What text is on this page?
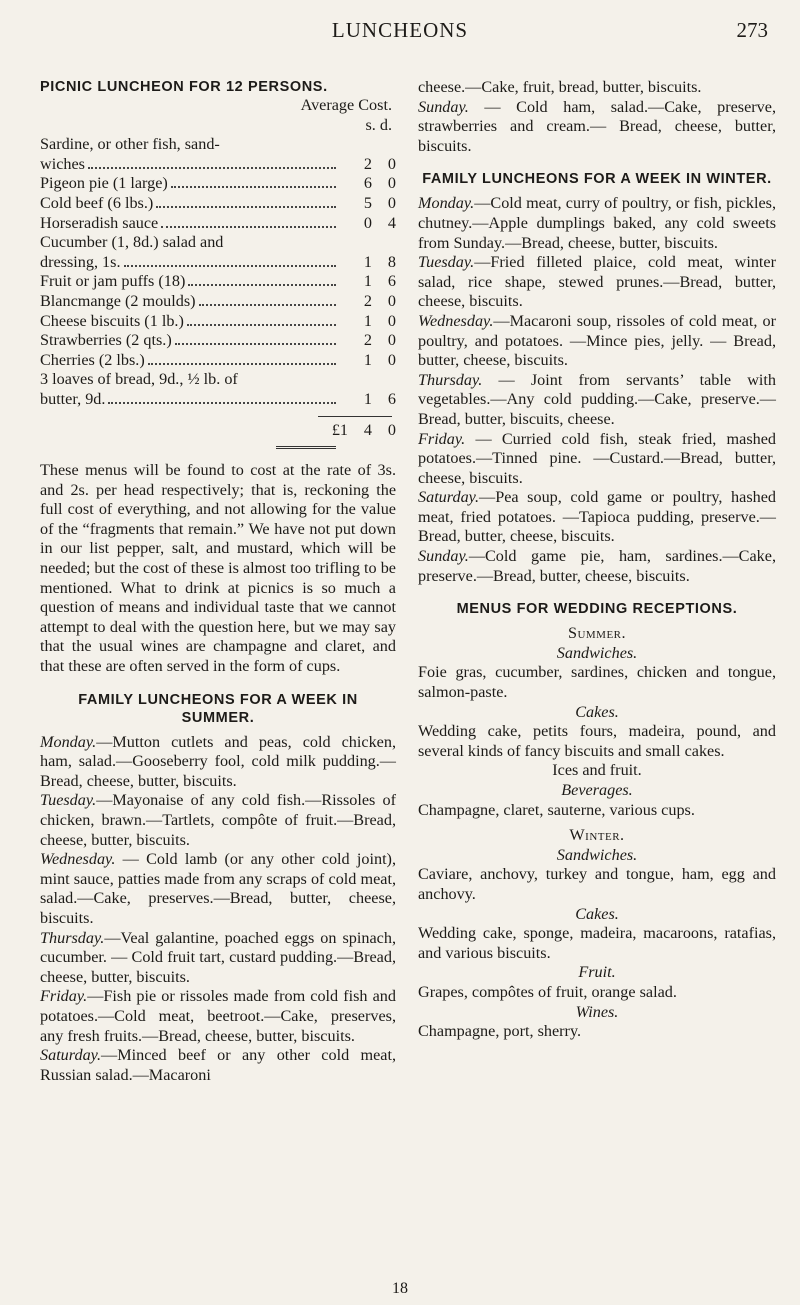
LUNCHEONS	273
PICNIC LUNCHEON FOR 12 PERSONS.
Average Cost.
s. d.
Sardine, or other fish, sand-
wiches	2 0
Pigeon pie (1 large)	6 0
Cold beef (6 lbs.)	5 0
Horseradish sauce	0 4
Cucumber (1, 8d.) salad and
dressing, 1s.	1 8
Fruit or jam puffs (18)	1 6
Blancmange (2 moulds)	2 0
Cheese biscuits (1 lb.)	1 0
Strawberries (2 qts.)	2 0
Cherries (2 lbs.)	1 0
3 loaves of bread, 9d., ½ lb. of
butter, 9d.	1 6
£1 4 0

These menus will be found to cost at the rate of 3s. and 2s. per head respectively; that is, reckoning the full cost of everything, and not allowing for the value of the “fragments that remain.” We have not put down in our list pepper, salt, and mustard, which will be needed; but the cost of these is almost too trifling to be mentioned. What to drink at picnics is so much a question of means and individual taste that we cannot attempt to deal with the question here, but we may say that the usual wines are champagne and claret, and that these are often served in the form of cups.

FAMILY LUNCHEONS FOR A WEEK IN SUMMER.

Monday.—Mutton cutlets and peas, cold chicken, ham, salad.—Gooseberry fool, cold milk pudding.—Bread, cheese, butter, biscuits.

Tuesday.—Mayonaise of any cold fish.—Rissoles of chicken, brawn.—Tartlets, compôte of fruit.—Bread, cheese, butter, biscuits.

Wednesday. — Cold lamb (or any other cold joint), mint sauce, patties made from any scraps of cold meat, salad.—Cake, preserves.—Bread, butter, cheese, biscuits.

Thursday.—Veal galantine, poached eggs on spinach, cucumber. — Cold fruit tart, custard pudding.—Bread, cheese, butter, biscuits.

Friday.—Fish pie or rissoles made from cold fish and potatoes.—Cold meat, beetroot.—Cake, preserves, any fresh fruits.—Bread, cheese, butter, biscuits.

Saturday.—Minced beef or any other cold meat, Russian salad.—Macaroni

cheese.—Cake, fruit, bread, butter, biscuits.

Sunday. — Cold ham, salad.—Cake, preserve, strawberries and cream.— Bread, cheese, butter, biscuits.

FAMILY LUNCHEONS FOR A WEEK IN WINTER.

Monday.—Cold meat, curry of poultry, or fish, pickles, chutney.—Apple dumplings baked, any cold sweets from Sunday.—Bread, cheese, butter, biscuits.

Tuesday.—Fried filleted plaice, cold meat, winter salad, rice shape, stewed prunes.—Bread, butter, cheese, biscuits.

Wednesday.—Macaroni soup, rissoles of cold meat, or poultry, and potatoes. —Mince pies, jelly. — Bread, butter, cheese, biscuits.

Thursday. — Joint from servants’ table with vegetables.—Any cold pudding.—Cake, preserve.—Bread, butter, biscuits, cheese.

Friday. — Curried cold fish, steak fried, mashed potatoes.—Tinned pine. —Custard.—Bread, butter, cheese, biscuits.

Saturday.—Pea soup, cold game or poultry, hashed meat, fried potatoes. —Tapioca pudding, preserve.—Bread, butter, cheese, biscuits.

Sunday.—Cold game pie, ham, sardines.—Cake, preserve.—Bread, butter, cheese, biscuits.

MENUS FOR WEDDING RECEPTIONS.
Summer.
Sandwiches.

Foie gras, cucumber, sardines, chicken and tongue, salmon-paste.

Cakes.

Wedding cake, petits fours, madeira, pound, and several kinds of fancy biscuits and small cakes.

Ices and fruit.
Beverages.

Champagne, claret, sauterne, various cups.

Winter.
Sandwiches.

Caviare, anchovy, turkey and tongue, ham, egg and anchovy.

Cakes.

Wedding cake, sponge, madeira, macaroons, ratafias, and various biscuits.

Fruit.

Grapes, compôtes of fruit, orange salad.

Wines.

Champagne, port, sherry.

18
